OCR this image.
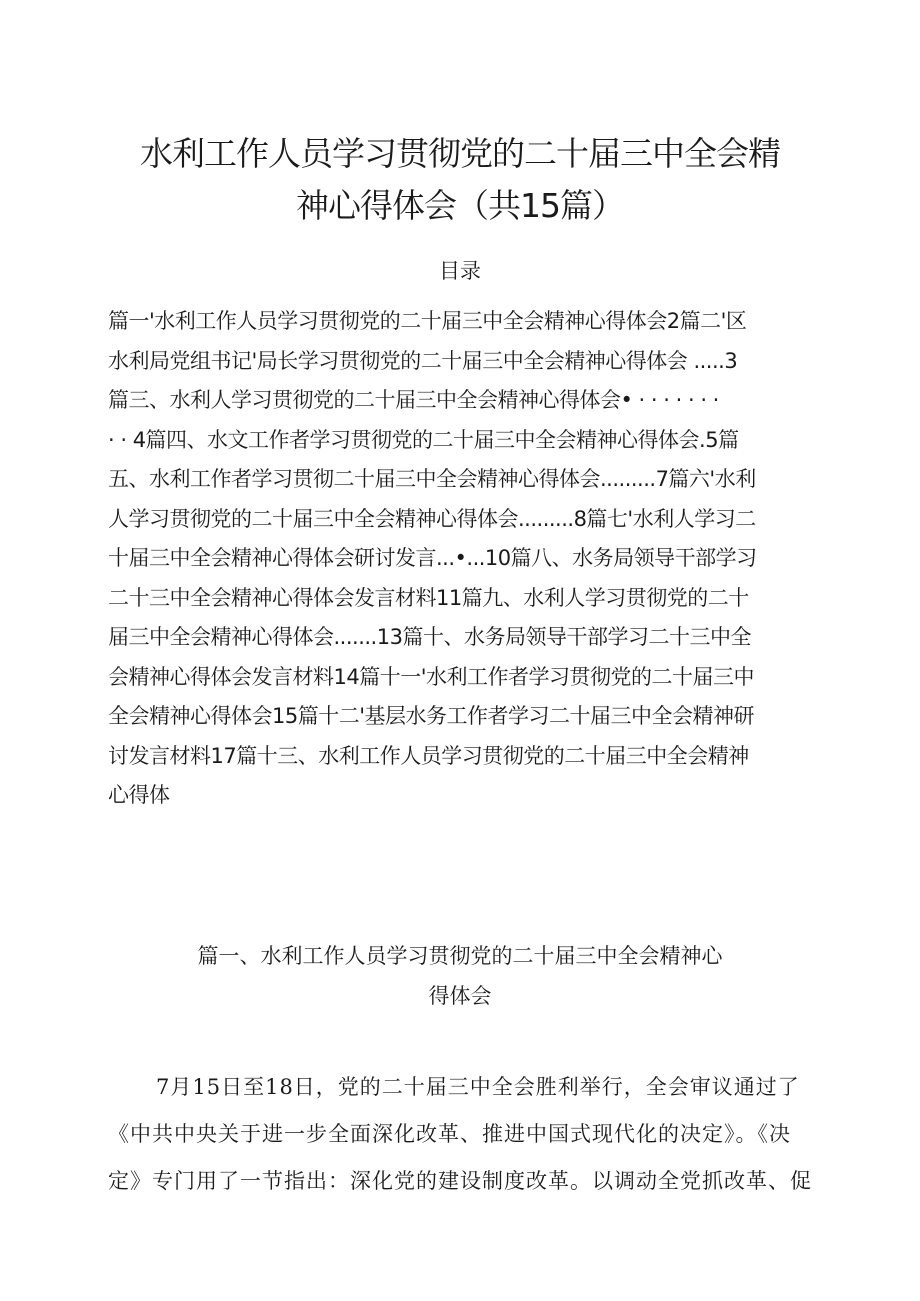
水利工作人员学习贯彻党的二十届三中全会精
神心得体会（共15篇）
目录
篇一'水利工作人员学习贯彻党的二十届三中全会精神心得体会2篇二'区
水利局党组书记'局长学习贯彻党的二十届三中全会精神心得体会 .....3
篇三、水利人学习贯彻党的二十届三中全会精神心得体会• · · · · · · ·
· · 4篇四、水文工作者学习贯彻党的二十届三中全会精神心得体会.5篇
五、水利工作者学习贯彻二十届三中全会精神心得体会.........7篇六'水利
人学习贯彻党的二十届三中全会精神心得体会.........8篇七'水利人学习二
十届三中全会精神心得体会研讨发言...•...10篇八、水务局领导干部学习
二十三中全会精神心得体会发言材料11篇九、水利人学习贯彻党的二十
届三中全会精神心得体会.......13篇十、水务局领导干部学习二十三中全
会精神心得体会发言材料14篇十一'水利工作者学习贯彻党的二十届三中
全会精神心得体会15篇十二'基层水务工作者学习二十届三中全会精神研
讨发言材料17篇十三、水利工作人员学习贯彻党的二十届三中全会精神
心得体
篇一、水利工作人员学习贯彻党的二十届三中全会精神心
得体会
7月15日至18日，党的二十届三中全会胜利举行，全会审议通过了
《中共中央关于进一步全面深化改革、推进中国式现代化的决定》。《决
定》专门用了一节指出：深化党的建设制度改革。以调动全党抓改革、促
